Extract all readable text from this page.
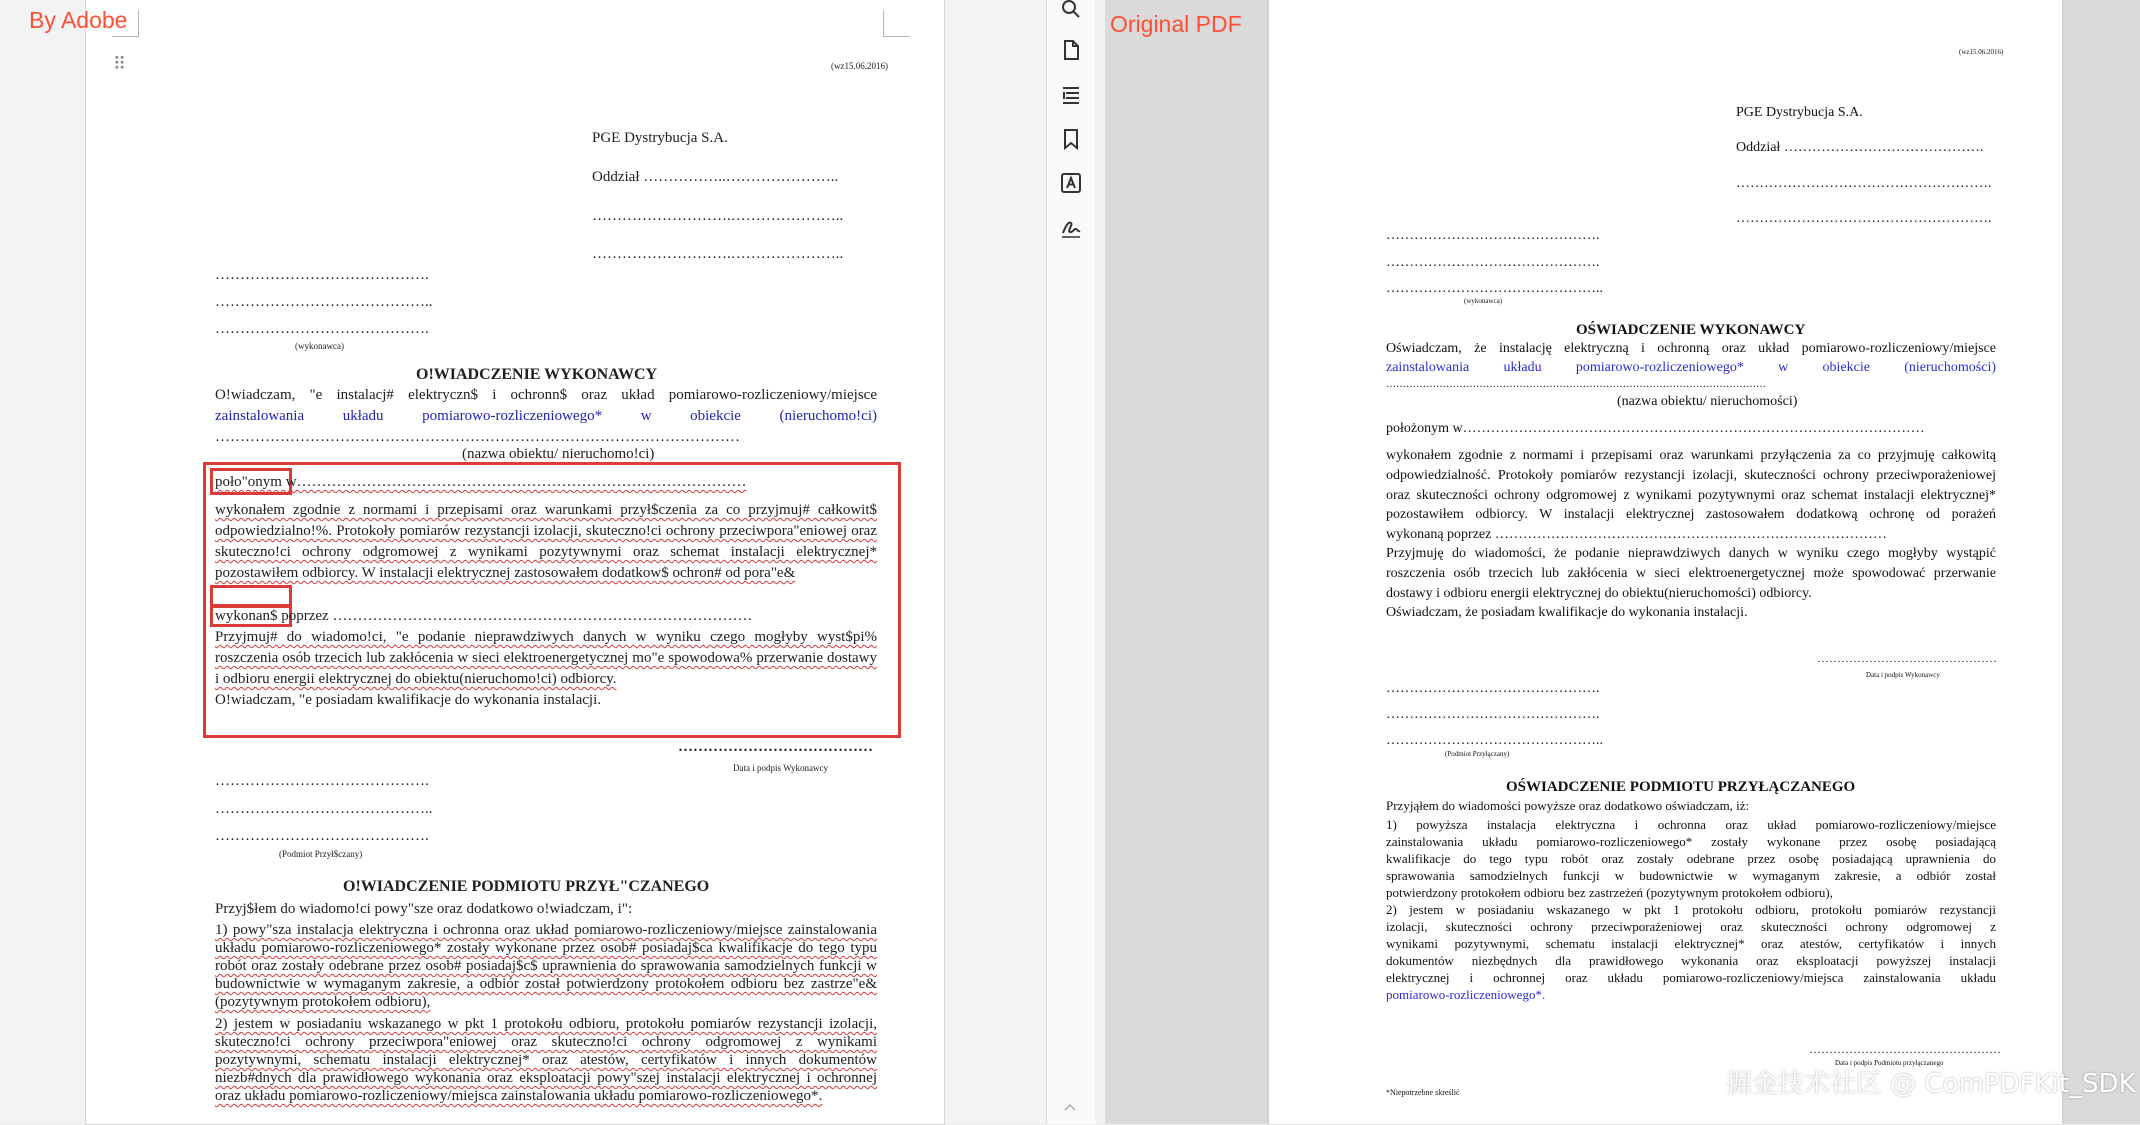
⠿	(wz15.06.2016)
PGE Dystrybucja S.A.
Oddział ……………..…………………..
……………………….…………………..
……………………….…………………..
…………………………………….
……………………………………..
…………………………………….
(wykonawca)
O!WIADCZENIE WYKONAWCY
O!wiadczam, "e instalacj# elektryczn$ i ochronn$ oraz układ pomiarowo-rozliczeniowy/miejsce
zainstalowania układu pomiarowo-rozliczeniowego* w obiekcie (nieruchomo!ci)
……………………………………………………………………………………………
(nazwa obiektu/ nieruchomo!ci)
poło"onym w………………………………………………………………………………
wykonałem zgodnie z normami i przepisami oraz warunkami przył$czenia za co przyjmuj# całkowit$ odpowiedzialno!%. Protokoły pomiarów rezystancji izolacji, skuteczno!ci ochrony przeciwpora"eniowej oraz skuteczno!ci ochrony odgromowej z wynikami pozytywnymi oraz schemat instalacji elektrycznej* pozostawiłem odbiorcy. W instalacji elektrycznej zastosowałem dodatkow$ ochron# od pora"e&
wykonan$ poprzez …………………………………………………………………………
Przyjmuj# do wiadomo!ci, "e podanie nieprawdziwych danych w wyniku czego mogłyby wyst$pi% roszczenia osób trzecich lub zakłócenia w sieci elektroenergetycznej mo"e spowodowa% przerwanie dostawy i odbioru energii elektrycznej do obiektu(nieruchomo!ci) odbiorcy.
O!wiadczam, "e posiadam kwalifikacje do wykonania instalacji.
…………………………………
Data i podpis Wykonawcy
…………………………………….
……………………………………..
…………………………………….
(Podmiot Przył$czany)
O!WIADCZENIE PODMIOTU PRZYŁ"CZANEGO
Przyj$łem do wiadomo!ci powy"sze oraz dodatkowo o!wiadczam, i":
1) powy"sza instalacja elektryczna i ochronna oraz układ pomiarowo-rozliczeniowy/miejsce zainstalowania układu pomiarowo-rozliczeniowego* zostały wykonane przez osob# posiadaj$ca kwalifikacje do tego typu robót oraz zostały odebrane przez osob# posiadaj$c$ uprawnienia do sprawowania samodzielnych funkcji w budownictwie w wymaganym zakresie, a odbiór został potwierdzony protokołem odbioru bez zastrze"e& (pozytywnym protokołem odbioru),
2) jestem w posiadaniu wskazanego w pkt 1 protokołu odbioru, protokołu pomiarów rezystancji izolacji, skuteczno!ci ochrony przeciwpora"eniowej oraz skuteczno!ci ochrony odgromowej z wynikami pozytywnymi, schematu instalacji elektrycznej* oraz atestów, certyfikatów i innych dokumentów niezb#dnych dla prawidłowego wykonania oraz eksploatacji powy"szej instalacji elektrycznej i ochronnej oraz układu pomiarowo-rozliczeniowy/miejsca zainstalowania układu pomiarowo-rozliczeniowego*.
(wz15.06.2016)
PGE Dystrybucja S.A.
Oddział …………………………………….
……………………………………………….
……………………………………………….
……………………………………….
……………………………………….
………………………………………..
(wykonawca)
OŚWIADCZENIE WYKONAWCY
Oświadczam, że instalację elektryczną i ochronną oraz układ pomiarowo-rozliczeniowy/miejsce
zainstalowania układu pomiarowo-rozliczeniowego* w obiekcie (nieruchomości)
……………………………………………………………………………………………………
(nazwa obiektu/ nieruchomości)
położonym w………………………………………………………………………………………
wykonałem zgodnie z normami i przepisami oraz warunkami przyłączenia za co przyjmuję całkowitą
odpowiedzialność. Protokoły pomiarów rezystancji izolacji, skuteczności ochrony przeciwporażeniowej
oraz skuteczności ochrony odgromowej z wynikami pozytywnymi oraz schemat instalacji elektrycznej*
pozostawiłem odbiorcy. W instalacji elektrycznej zastosowałem dodatkową ochronę od porażeń
wykonaną poprzez …………………………………………………………………………
Przyjmuję do wiadomości, że podanie nieprawdziwych danych w wyniku czego mogłyby wystąpić
roszczenia osób trzecich lub zakłócenia w sieci elektroenergetycznej może spowodować przerwanie
dostawy i odbioru energii elektrycznej do obiektu(nieruchomości) odbiorcy.
Oświadczam, że posiadam kwalifikacje do wykonania instalacji.
………………………………………
Data i podpis Wykonawcy
……………………………………….
……………………………………….
………………………………………..
(Podmiot Przyłączany)
OŚWIADCZENIE PODMIOTU PRZYŁĄCZANEGO
Przyjąłem do wiadomości powyższe oraz dodatkowo oświadczam, iż:
1) powyższa instalacja elektryczna i ochronna oraz układ pomiarowo-rozliczeniowy/miejsce
zainstalowania układu pomiarowo-rozliczeniowego* zostały wykonane przez osobę posiadającą
kwalifikacje do tego typu robót oraz zostały odebrane przez osobę posiadającą uprawnienia do
sprawowania samodzielnych funkcji w budownictwie w wymaganym zakresie, a odbiór został
potwierdzony protokołem odbioru bez zastrzeżeń (pozytywnym protokołem odbioru),
2) jestem w posiadaniu wskazanego w pkt 1 protokołu odbioru, protokołu pomiarów rezystancji
izolacji, skuteczności ochrony przeciwporażeniowej oraz skuteczności ochrony odgromowej z
wynikami pozytywnymi, schematu instalacji elektrycznej* oraz atestów, certyfikatów i innych
dokumentów niezbędnych dla prawidłowego wykonania oraz eksploatacji powyższej instalacji
elektrycznej i ochronnej oraz układu pomiarowo-rozliczeniowy/miejsca zainstalowania układu
pomiarowo-rozliczeniowego*.
…………………………………………
Data i podpis Podmiotu przyłączanego
*Niepotrzebne skreślić
By Adobe	Original PDF
掘金技术社区 @ ComPDFKit_SDK
